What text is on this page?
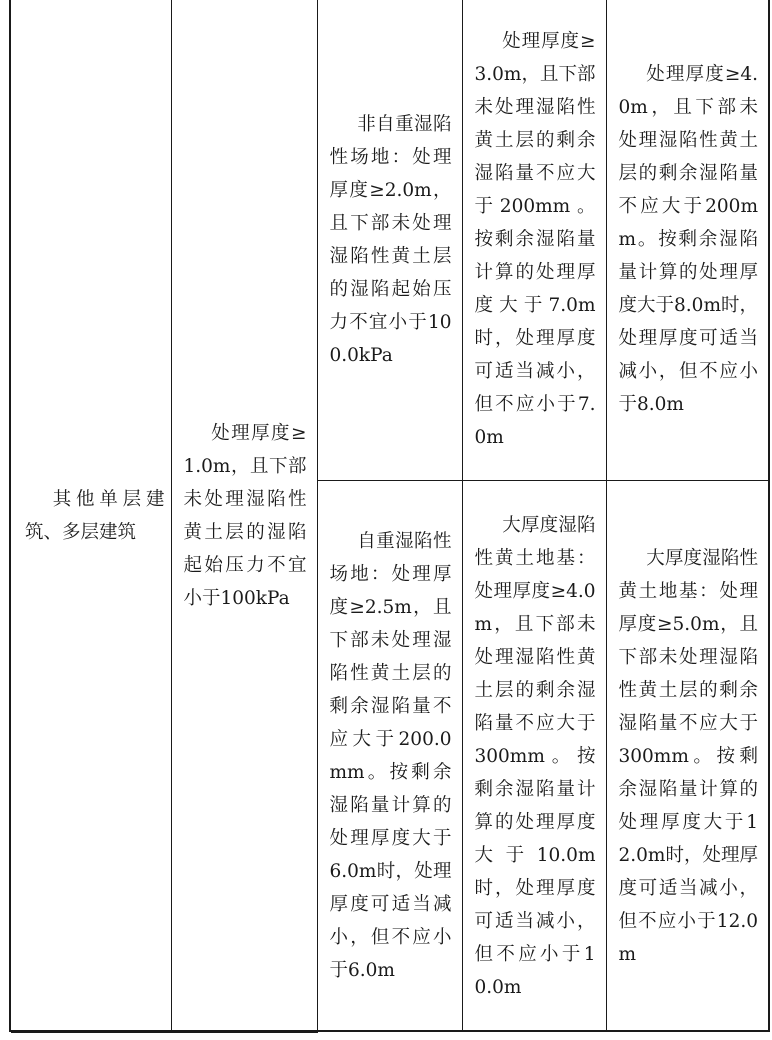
其他单层建筑、多层建筑	处理厚度≥1.0m，且下部未处理湿陷性黄土层的湿陷起始压力不宜小于100kPa	非自重湿陷性场地：处理厚度≥2.0m，且下部未处理湿陷性黄土层的湿陷起始压力不宜小于100.0kPa	处理厚度≥3.0m，且下部未处理湿陷性黄土层的剩余湿陷量不应大于200mm。按剩余湿陷量计算的处理厚度大于7.0m时，处理厚度可适当减小，但不应小于7.0m	处理厚度≥4.0m，且下部未处理湿陷性黄土层的剩余湿陷量不应大于200mm。按剩余湿陷量计算的处理厚度大于8.0m时，处理厚度可适当减小，但不应小于8.0m

		自重湿陷性场地：处理厚度≥2.5m，且下部未处理湿陷性黄土层的剩余湿陷量不应大于200.0mm。按剩余湿陷量计算的处理厚度大于6.0m时，处理厚度可适当减小，但不应小于6.0m	大厚度湿陷性黄土地基：处理厚度≥4.0m，且下部未处理湿陷性黄土层的剩余湿陷量不应大于300mm。按剩余湿陷量计算的处理厚度大于10.0m时，处理厚度可适当减小，但不应小于10.0m	大厚度湿陷性黄土地基：处理厚度≥5.0m，且下部未处理湿陷性黄土层的剩余湿陷量不应大于300mm。按剩余湿陷量计算的处理厚度大于12.0m时，处理厚度可适当减小，但不应小于12.0m
